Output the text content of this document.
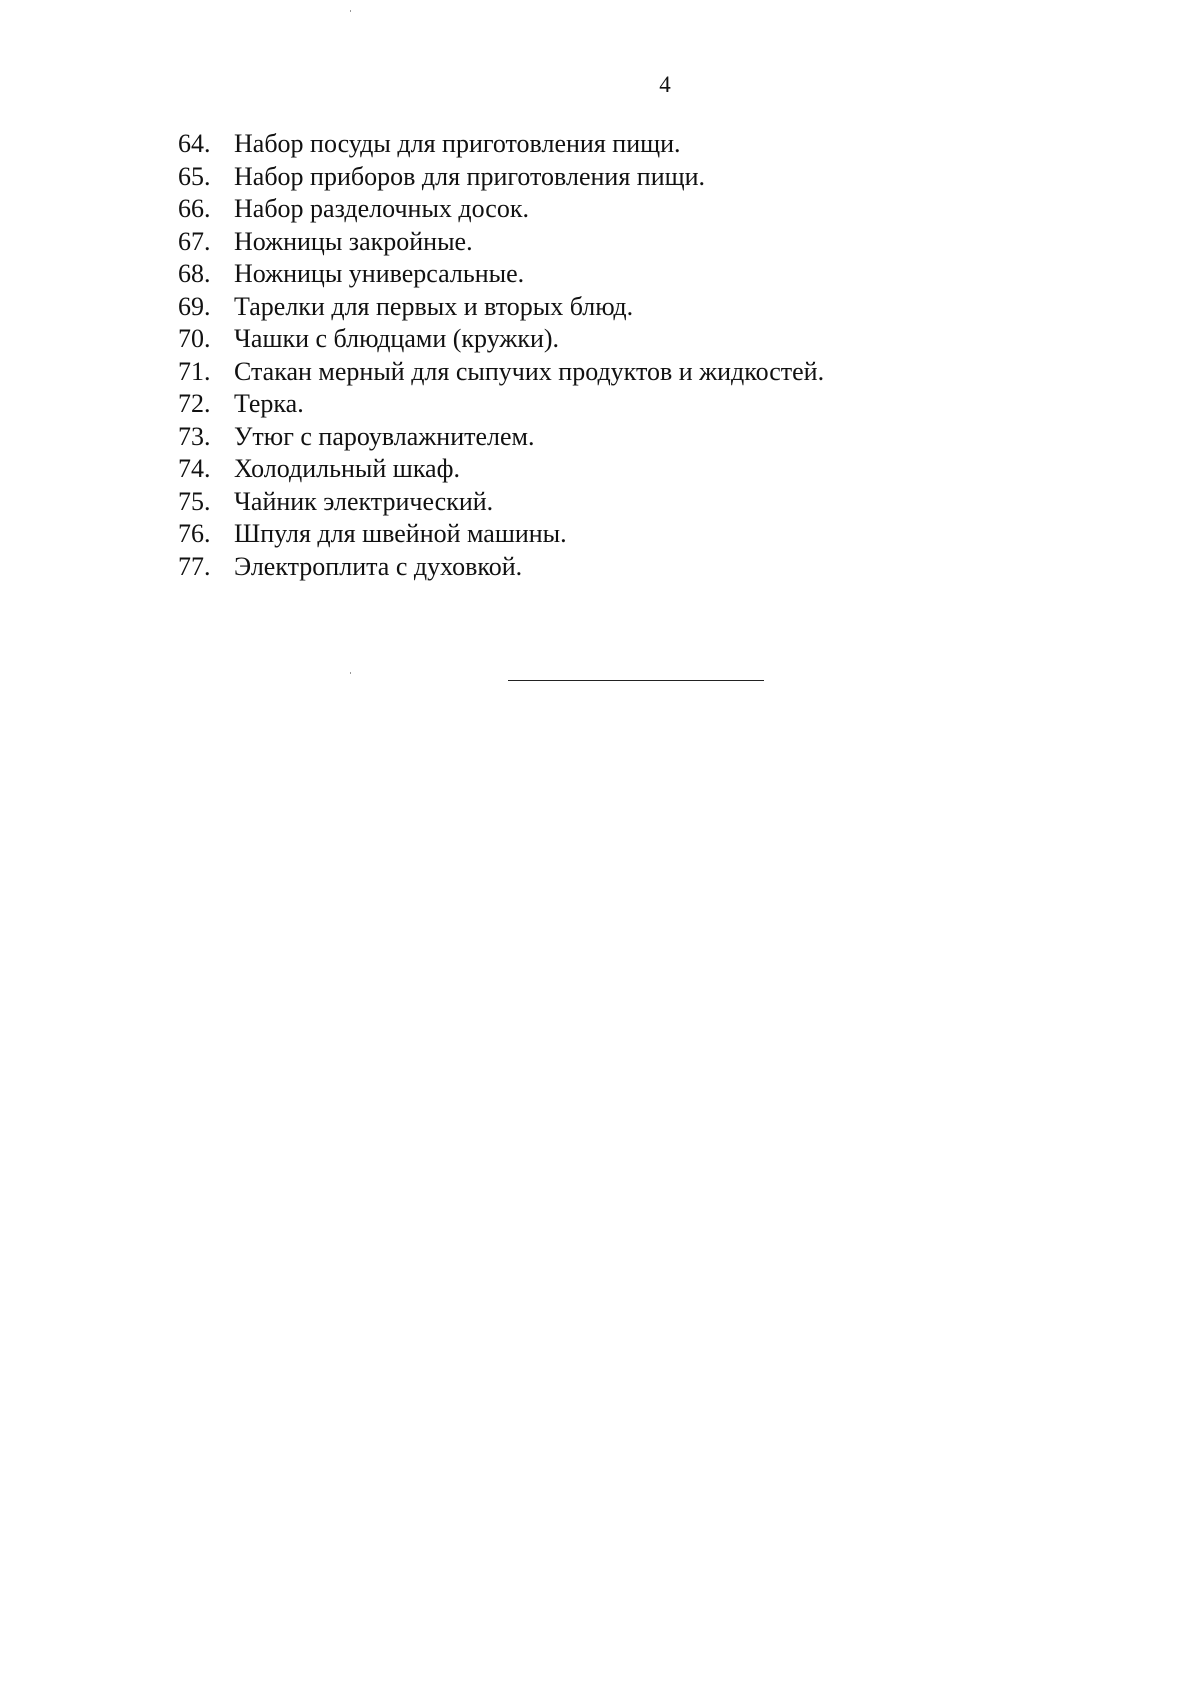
4
64. Набор посуды для приготовления пищи.
65. Набор приборов для приготовления пищи.
66. Набор разделочных досок.
67. Ножницы закройные.
68. Ножницы универсальные.
69. Тарелки для первых и вторых блюд.
70. Чашки с блюдцами (кружки).
71. Стакан мерный для сыпучих продуктов и жидкостей.
72. Терка.
73. Утюг с пароувлажнителем.
74. Холодильный шкаф.
75. Чайник электрический.
76. Шпуля для швейной машины.
77. Электроплита с духовкой.
